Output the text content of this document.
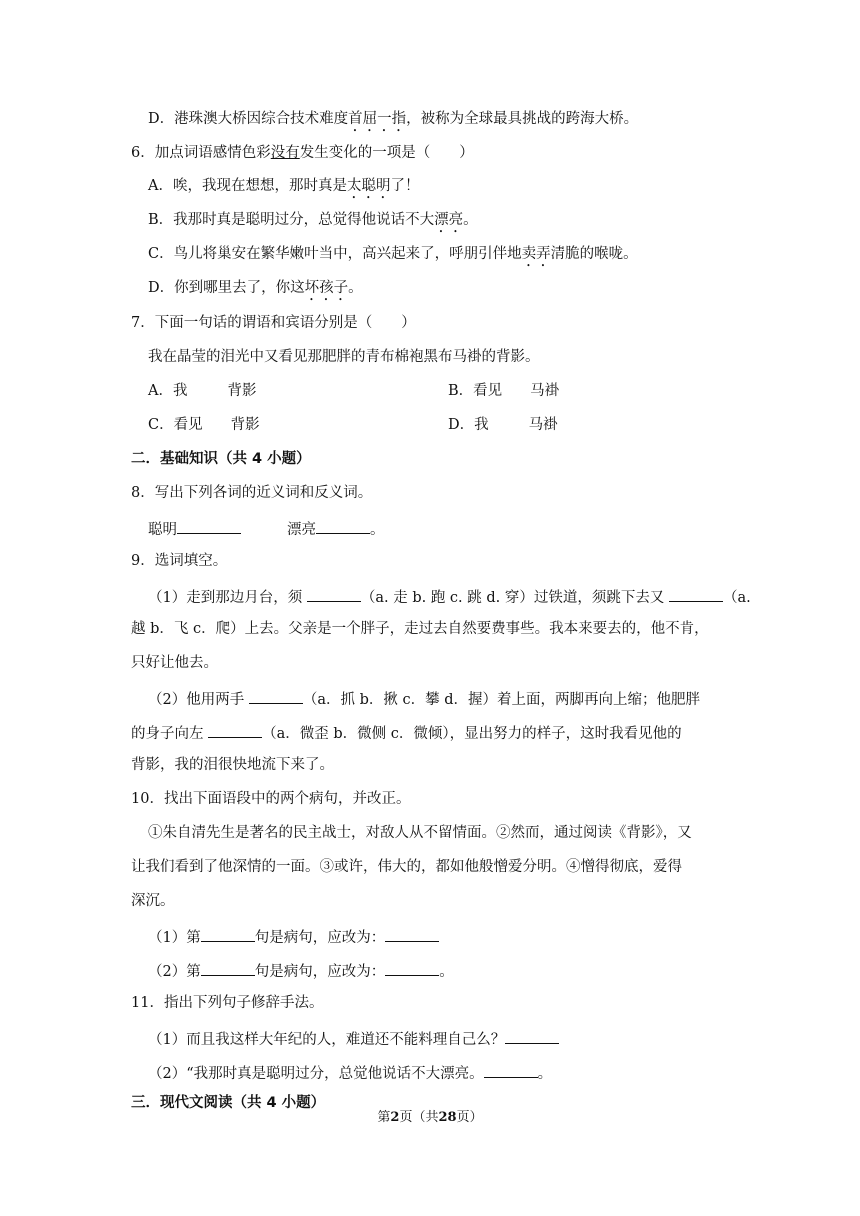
D．港珠澳大桥因综合技术难度首屈一指，被称为全球最具挑战的跨海大桥。
6．加点词语感情色彩没有发生变化的一项是（　　）
A．唉，我现在想想，那时真是太聪明了！
B．我那时真是聪明过分，总觉得他说话不大漂亮。
C．鸟儿将巢安在繁华嫩叶当中，高兴起来了，呼朋引伴地卖弄清脆的喉咙。
D．你到哪里去了，你这坏孩子。
7．下面一句话的谓语和宾语分别是（　　）
我在晶莹的泪光中又看见那肥胖的青布棉袍黑布马褂的背影。
A．我	背影	B．看见 马褂
C．看见 背影	D．我	马褂
二．基础知识（共 4 小题）
8．写出下列各词的近义词和反义词。
聪明	漂亮	。
9．选词填空。
（1）走到那边月台，须	（a. 走 b. 跑 c. 跳 d. 穿）过铁道，须跳下去又	（a.
越 b．飞 c．爬）上去。父亲是一个胖子，走过去自然要费事些。我本来要去的，他不肯，
只好让他去。
（2）他用两手	（a．抓 b．揪 c．攀 d．握）着上面，两脚再向上缩；他肥胖
的身子向左	（a．微歪 b．微侧 c．微倾），显出努力的样子，这时我看见他的
背影，我的泪很快地流下来了。
10．找出下面语段中的两个病句，并改正。
①朱自清先生是著名的民主战士，对敌人从不留情面。②然而，通过阅读《背影》，又
让我们看到了他深情的一面。③或许，伟大的，都如他般憎爱分明。④憎得彻底，爱得
深沉。
（1）第	句是病句，应改为：
（2）第	句是病句，应改为：	。
11．指出下列句子修辞手法。
（1）而且我这样大年纪的人，难道还不能料理自己么？
（2）“我那时真是聪明过分，总觉他说话不大漂亮。	。
三．现代文阅读（共 4 小题）
第2页（共28页）
